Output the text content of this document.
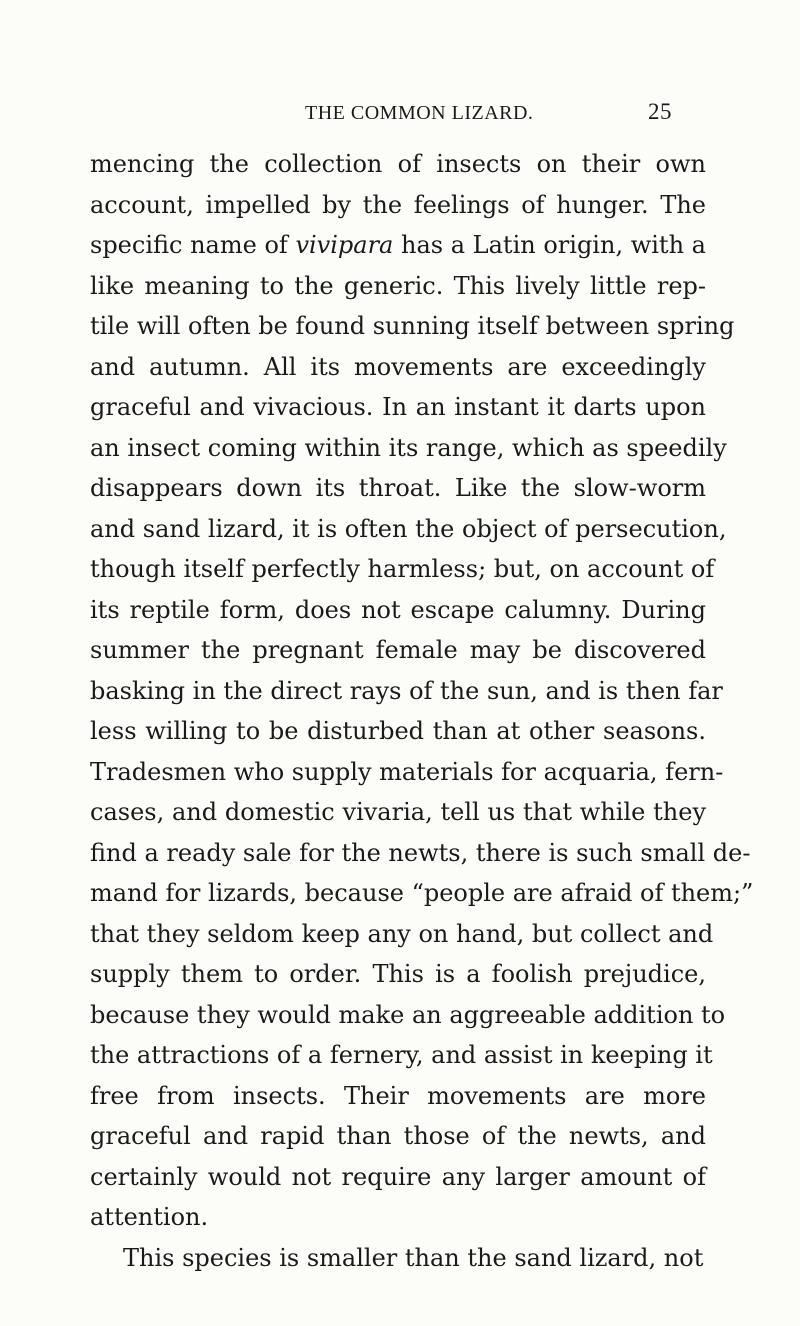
THE COMMON LIZARD.	25
mencing the collection of insects on their own
account, impelled by the feelings of hunger. The
specific name of vivipara has a Latin origin, with a
like meaning to the generic. This lively little rep-
tile will often be found sunning itself between spring
and autumn. All its movements are exceedingly
graceful and vivacious. In an instant it darts upon
an insect coming within its range, which as speedily
disappears down its throat. Like the slow-worm
and sand lizard, it is often the object of persecution,
though itself perfectly harmless; but, on account of
its reptile form, does not escape calumny. During
summer the pregnant female may be discovered
basking in the direct rays of the sun, and is then far
less willing to be disturbed than at other seasons.
Tradesmen who supply materials for acquaria, fern-
cases, and domestic vivaria, tell us that while they
find a ready sale for the newts, there is such small de-
mand for lizards, because “people are afraid of them;”
that they seldom keep any on hand, but collect and
supply them to order. This is a foolish prejudice,
because they would make an aggreeable addition to
the attractions of a fernery, and assist in keeping it
free from insects. Their movements are more
graceful and rapid than those of the newts, and
certainly would not require any larger amount of
attention.
This species is smaller than the sand lizard, not
